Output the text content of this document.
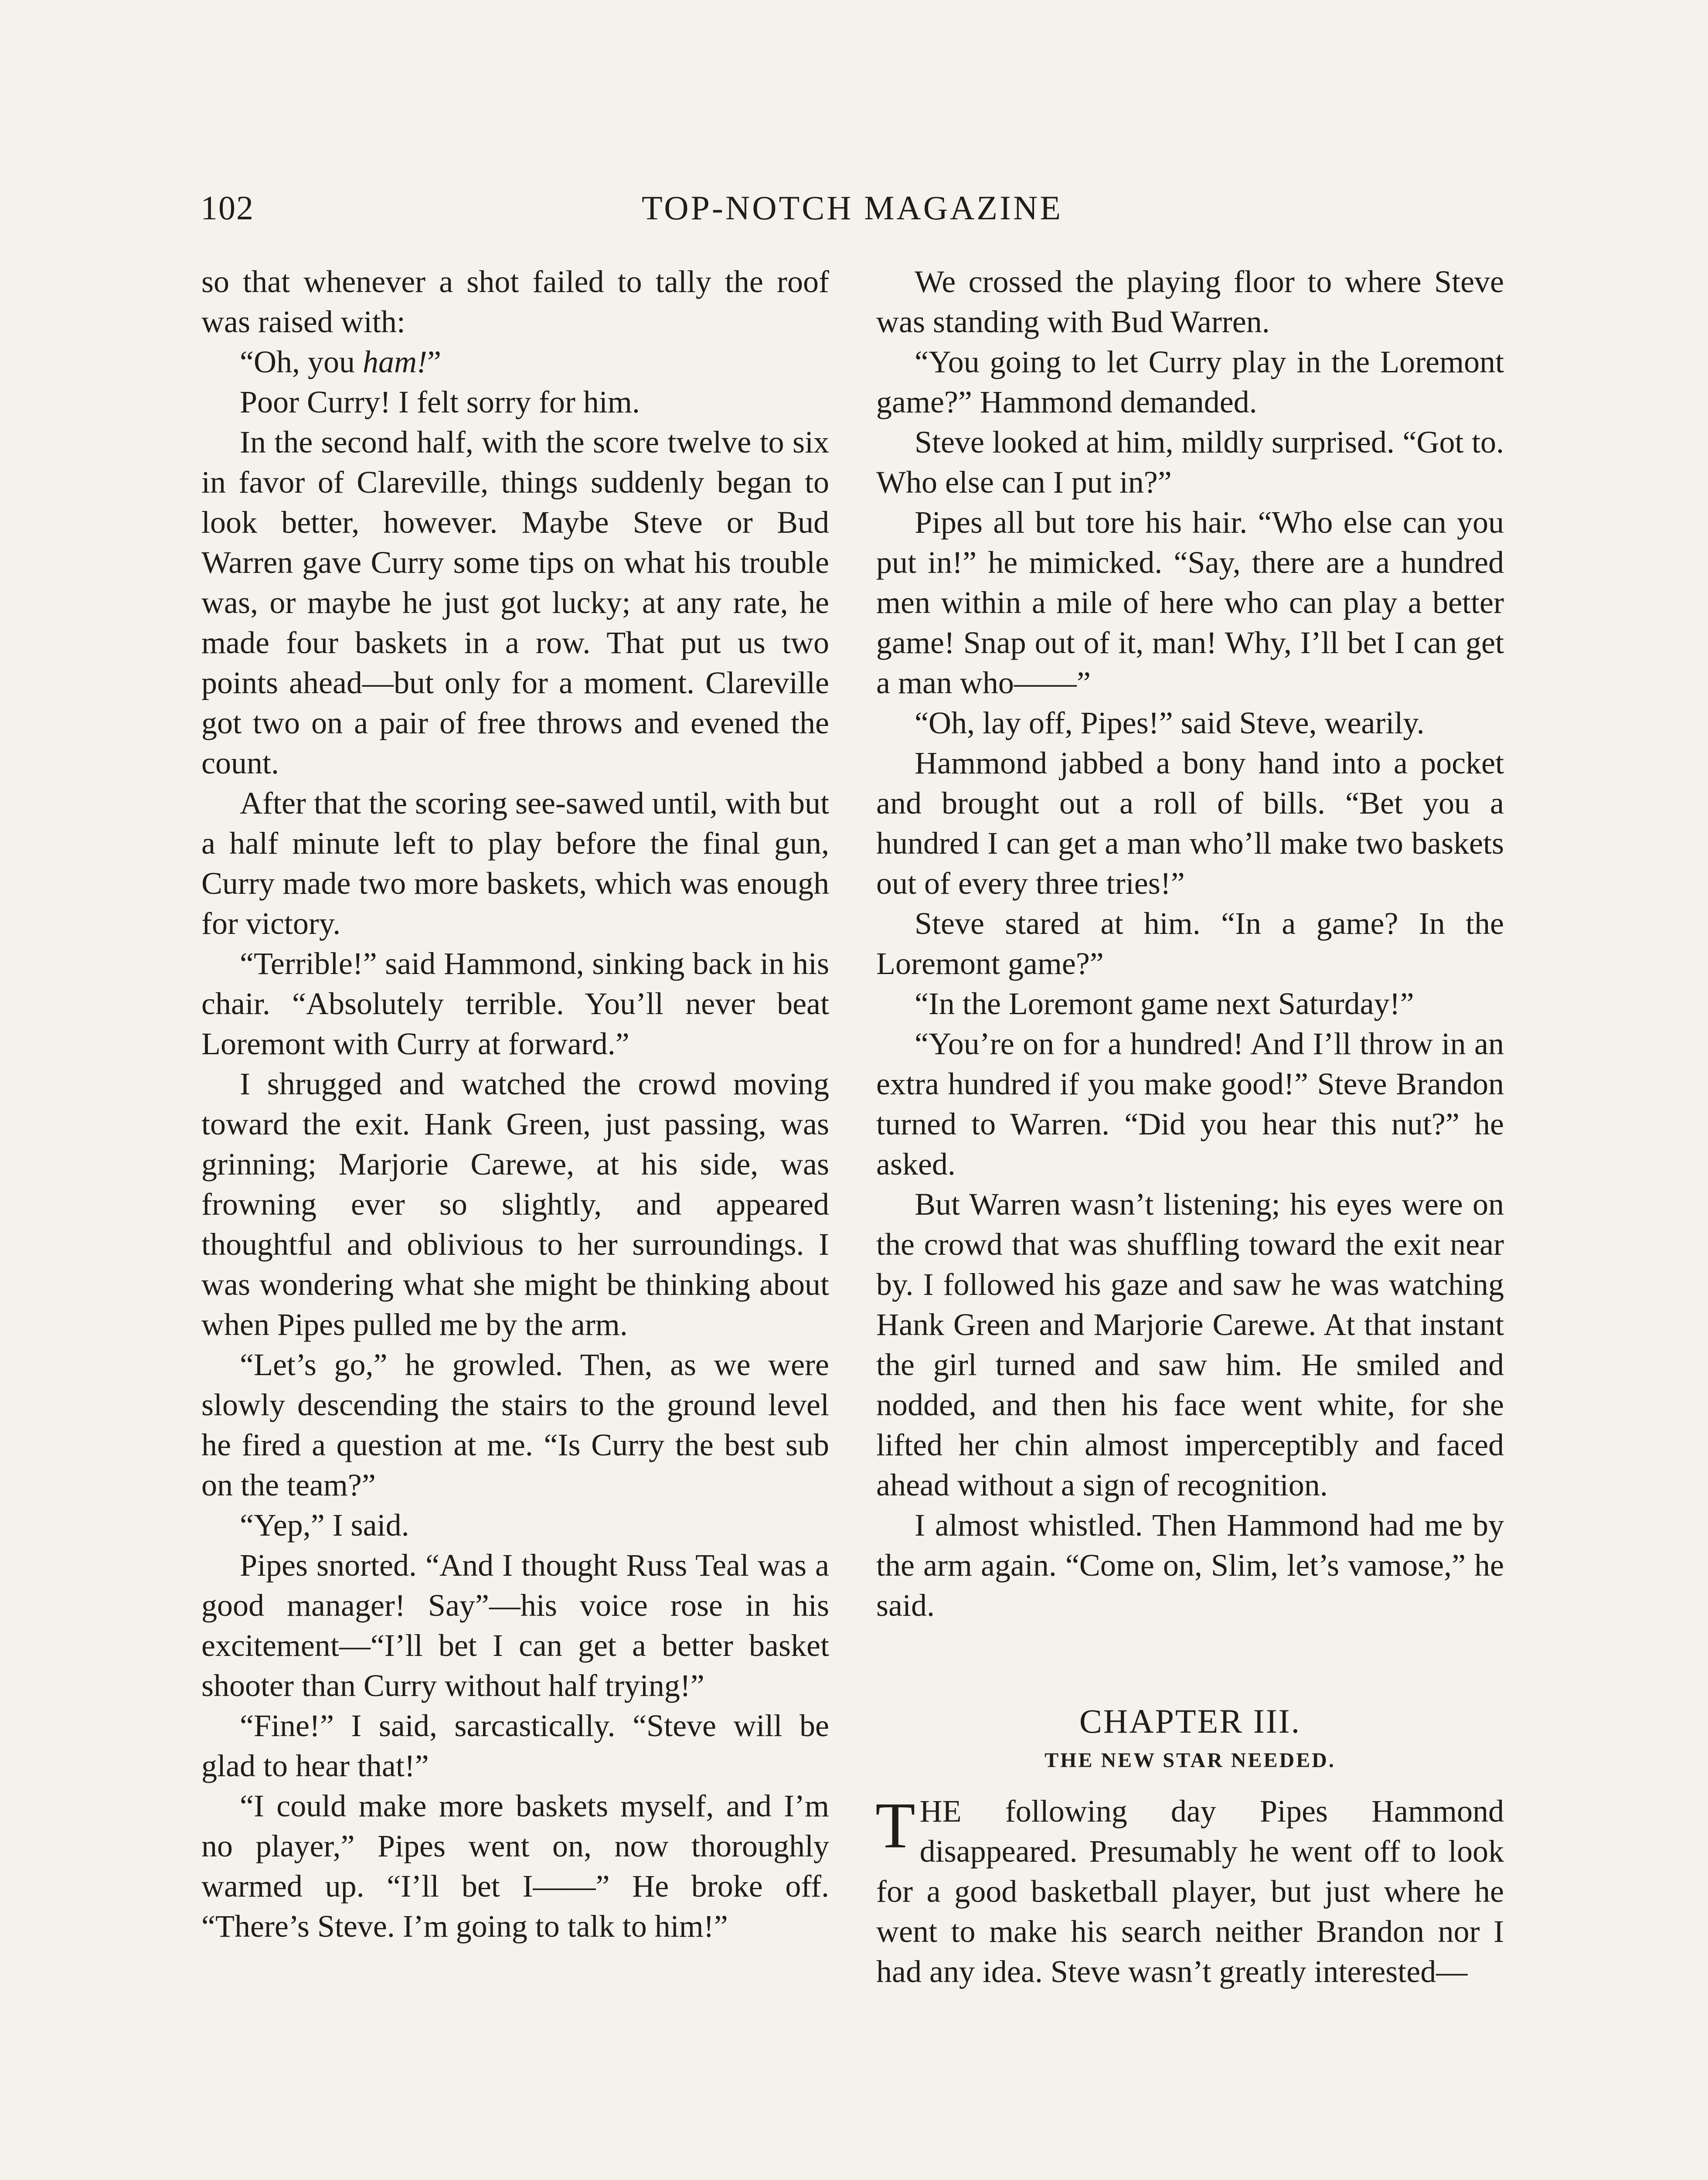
102	TOP-NOTCH MAGAZINE

so that whenever a shot failed to tally the roof was raised with:

“Oh, you ham!”

Poor Curry! I felt sorry for him.

In the second half, with the score twelve to six in favor of Clareville, things suddenly began to look better, however. Maybe Steve or Bud Warren gave Curry some tips on what his trouble was, or maybe he just got lucky; at any rate, he made four baskets in a row. That put us two points ahead—but only for a moment. Clareville got two on a pair of free throws and evened the count.

After that the scoring see-sawed until, with but a half minute left to play before the final gun, Curry made two more baskets, which was enough for victory.

“Terrible!” said Hammond, sinking back in his chair. “Absolutely terrible. You’ll never beat Loremont with Curry at forward.”

I shrugged and watched the crowd moving toward the exit. Hank Green, just passing, was grinning; Marjorie Carewe, at his side, was frowning ever so slightly, and appeared thoughtful and oblivious to her surroundings. I was wondering what she might be thinking about when Pipes pulled me by the arm.

“Let’s go,” he growled. Then, as we were slowly descending the stairs to the ground level he fired a question at me. “Is Curry the best sub on the team?”

“Yep,” I said.

Pipes snorted. “And I thought Russ Teal was a good manager! Say”—his voice rose in his excitement—“I’ll bet I can get a better basket shooter than Curry without half trying!”

“Fine!” I said, sarcastically. “Steve will be glad to hear that!”

“I could make more baskets myself, and I’m no player,” Pipes went on, now thoroughly warmed up. “I’ll bet I——” He broke off. “There’s Steve. I’m going to talk to him!”

We crossed the playing floor to where Steve was standing with Bud Warren.

“You going to let Curry play in the Loremont game?” Hammond demanded.

Steve looked at him, mildly surprised. “Got to. Who else can I put in?”

Pipes all but tore his hair. “Who else can you put in!” he mimicked. “Say, there are a hundred men within a mile of here who can play a better game! Snap out of it, man! Why, I’ll bet I can get a man who——”

“Oh, lay off, Pipes!” said Steve, wearily.

Hammond jabbed a bony hand into a pocket and brought out a roll of bills. “Bet you a hundred I can get a man who’ll make two baskets out of every three tries!”

Steve stared at him. “In a game? In the Loremont game?”

“In the Loremont game next Saturday!”

“You’re on for a hundred! And I’ll throw in an extra hundred if you make good!” Steve Brandon turned to Warren. “Did you hear this nut?” he asked.

But Warren wasn’t listening; his eyes were on the crowd that was shuffling toward the exit near by. I followed his gaze and saw he was watching Hank Green and Marjorie Carewe. At that instant the girl turned and saw him. He smiled and nodded, and then his face went white, for she lifted her chin almost imperceptibly and faced ahead without a sign of recognition.

I almost whistled. Then Hammond had me by the arm again. “Come on, Slim, let’s vamose,” he said.

CHAPTER III.
THE NEW STAR NEEDED.

THE following day Pipes Hammond disappeared. Presumably he went off to look for a good basketball player, but just where he went to make his search neither Brandon nor I had any idea. Steve wasn’t greatly interested—
